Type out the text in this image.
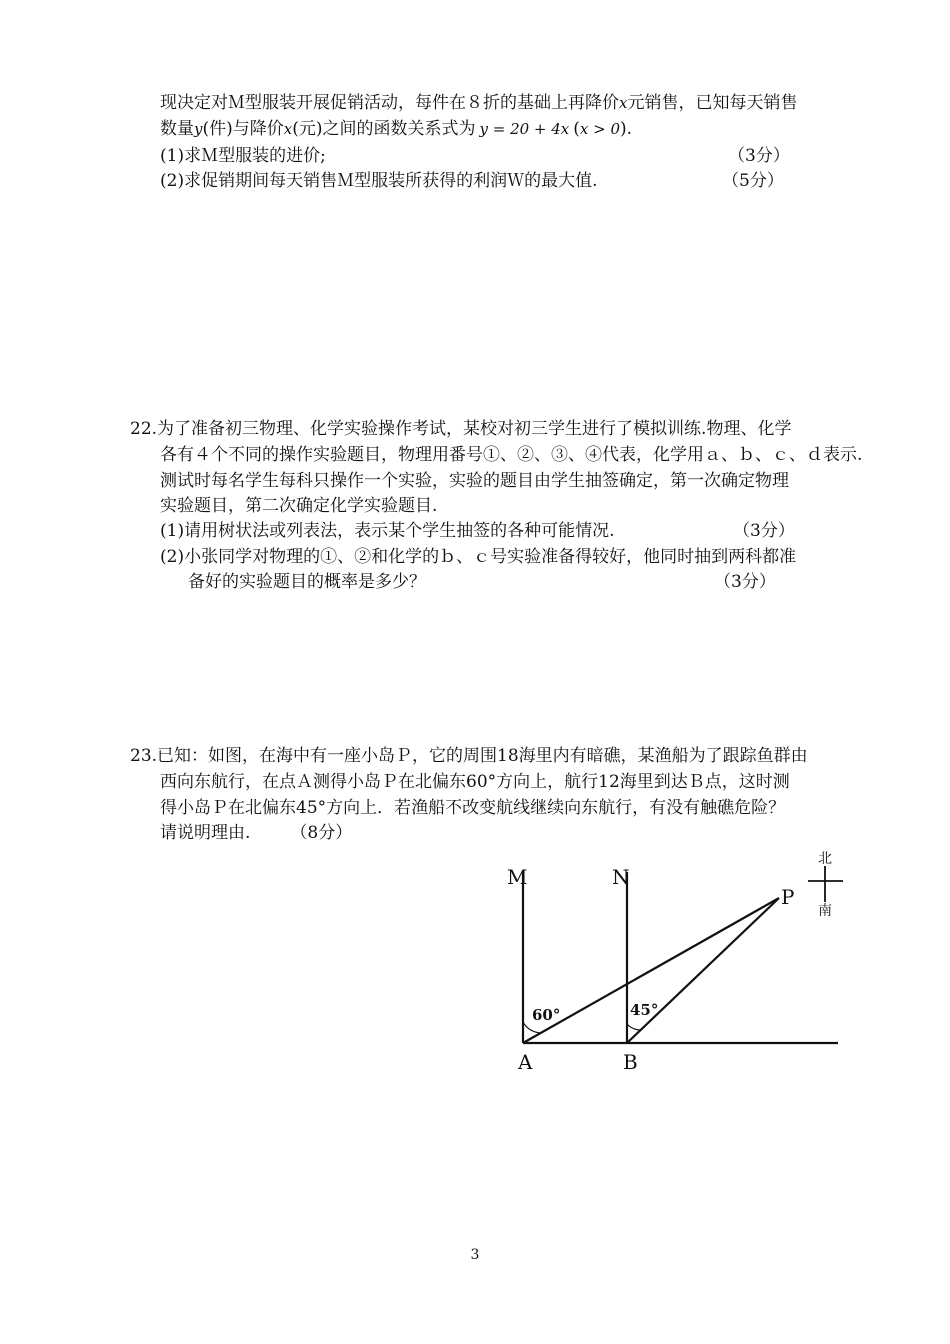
现决定对Ｍ型服装开展促销活动，每件在８折的基础上再降价x元销售，已知每天销售
数量y(件)与降价x(元)之间的函数关系式为 y = 20 + 4x (x > 0).
(1)求Ｍ型服装的进价;	（3分）
(2)求促销期间每天销售Ｍ型服装所获得的利润Ｗ的最大值.	（5分）
22.为了准备初三物理、化学实验操作考试，某校对初三学生进行了模拟训练.物理、化学
各有４个不同的操作实验题目，物理用番号①、②、③、④代表，化学用ａ、ｂ、ｃ、ｄ表示.
测试时每名学生每科只操作一个实验，实验的题目由学生抽签确定，第一次确定物理
实验题目，第二次确定化学实验题目.
(1)请用树状法或列表法，表示某个学生抽签的各种可能情况.	（3分）
(2)小张同学对物理的①、②和化学的ｂ、ｃ号实验准备得较好，他同时抽到两科都准
备好的实验题目的概率是多少？	（3分）
23.已知：如图，在海中有一座小岛Ｐ，它的周围18海里内有暗礁，某渔船为了跟踪鱼群由
西向东航行，在点Ａ测得小岛Ｐ在北偏东60°方向上，航行12海里到达Ｂ点，这时测
得小岛Ｐ在北偏东45°方向上．若渔船不改变航线继续向东航行，有没有触礁危险？
请说明理由. （8分）
M	N
P
A	B
60°	45°
北
南
3
